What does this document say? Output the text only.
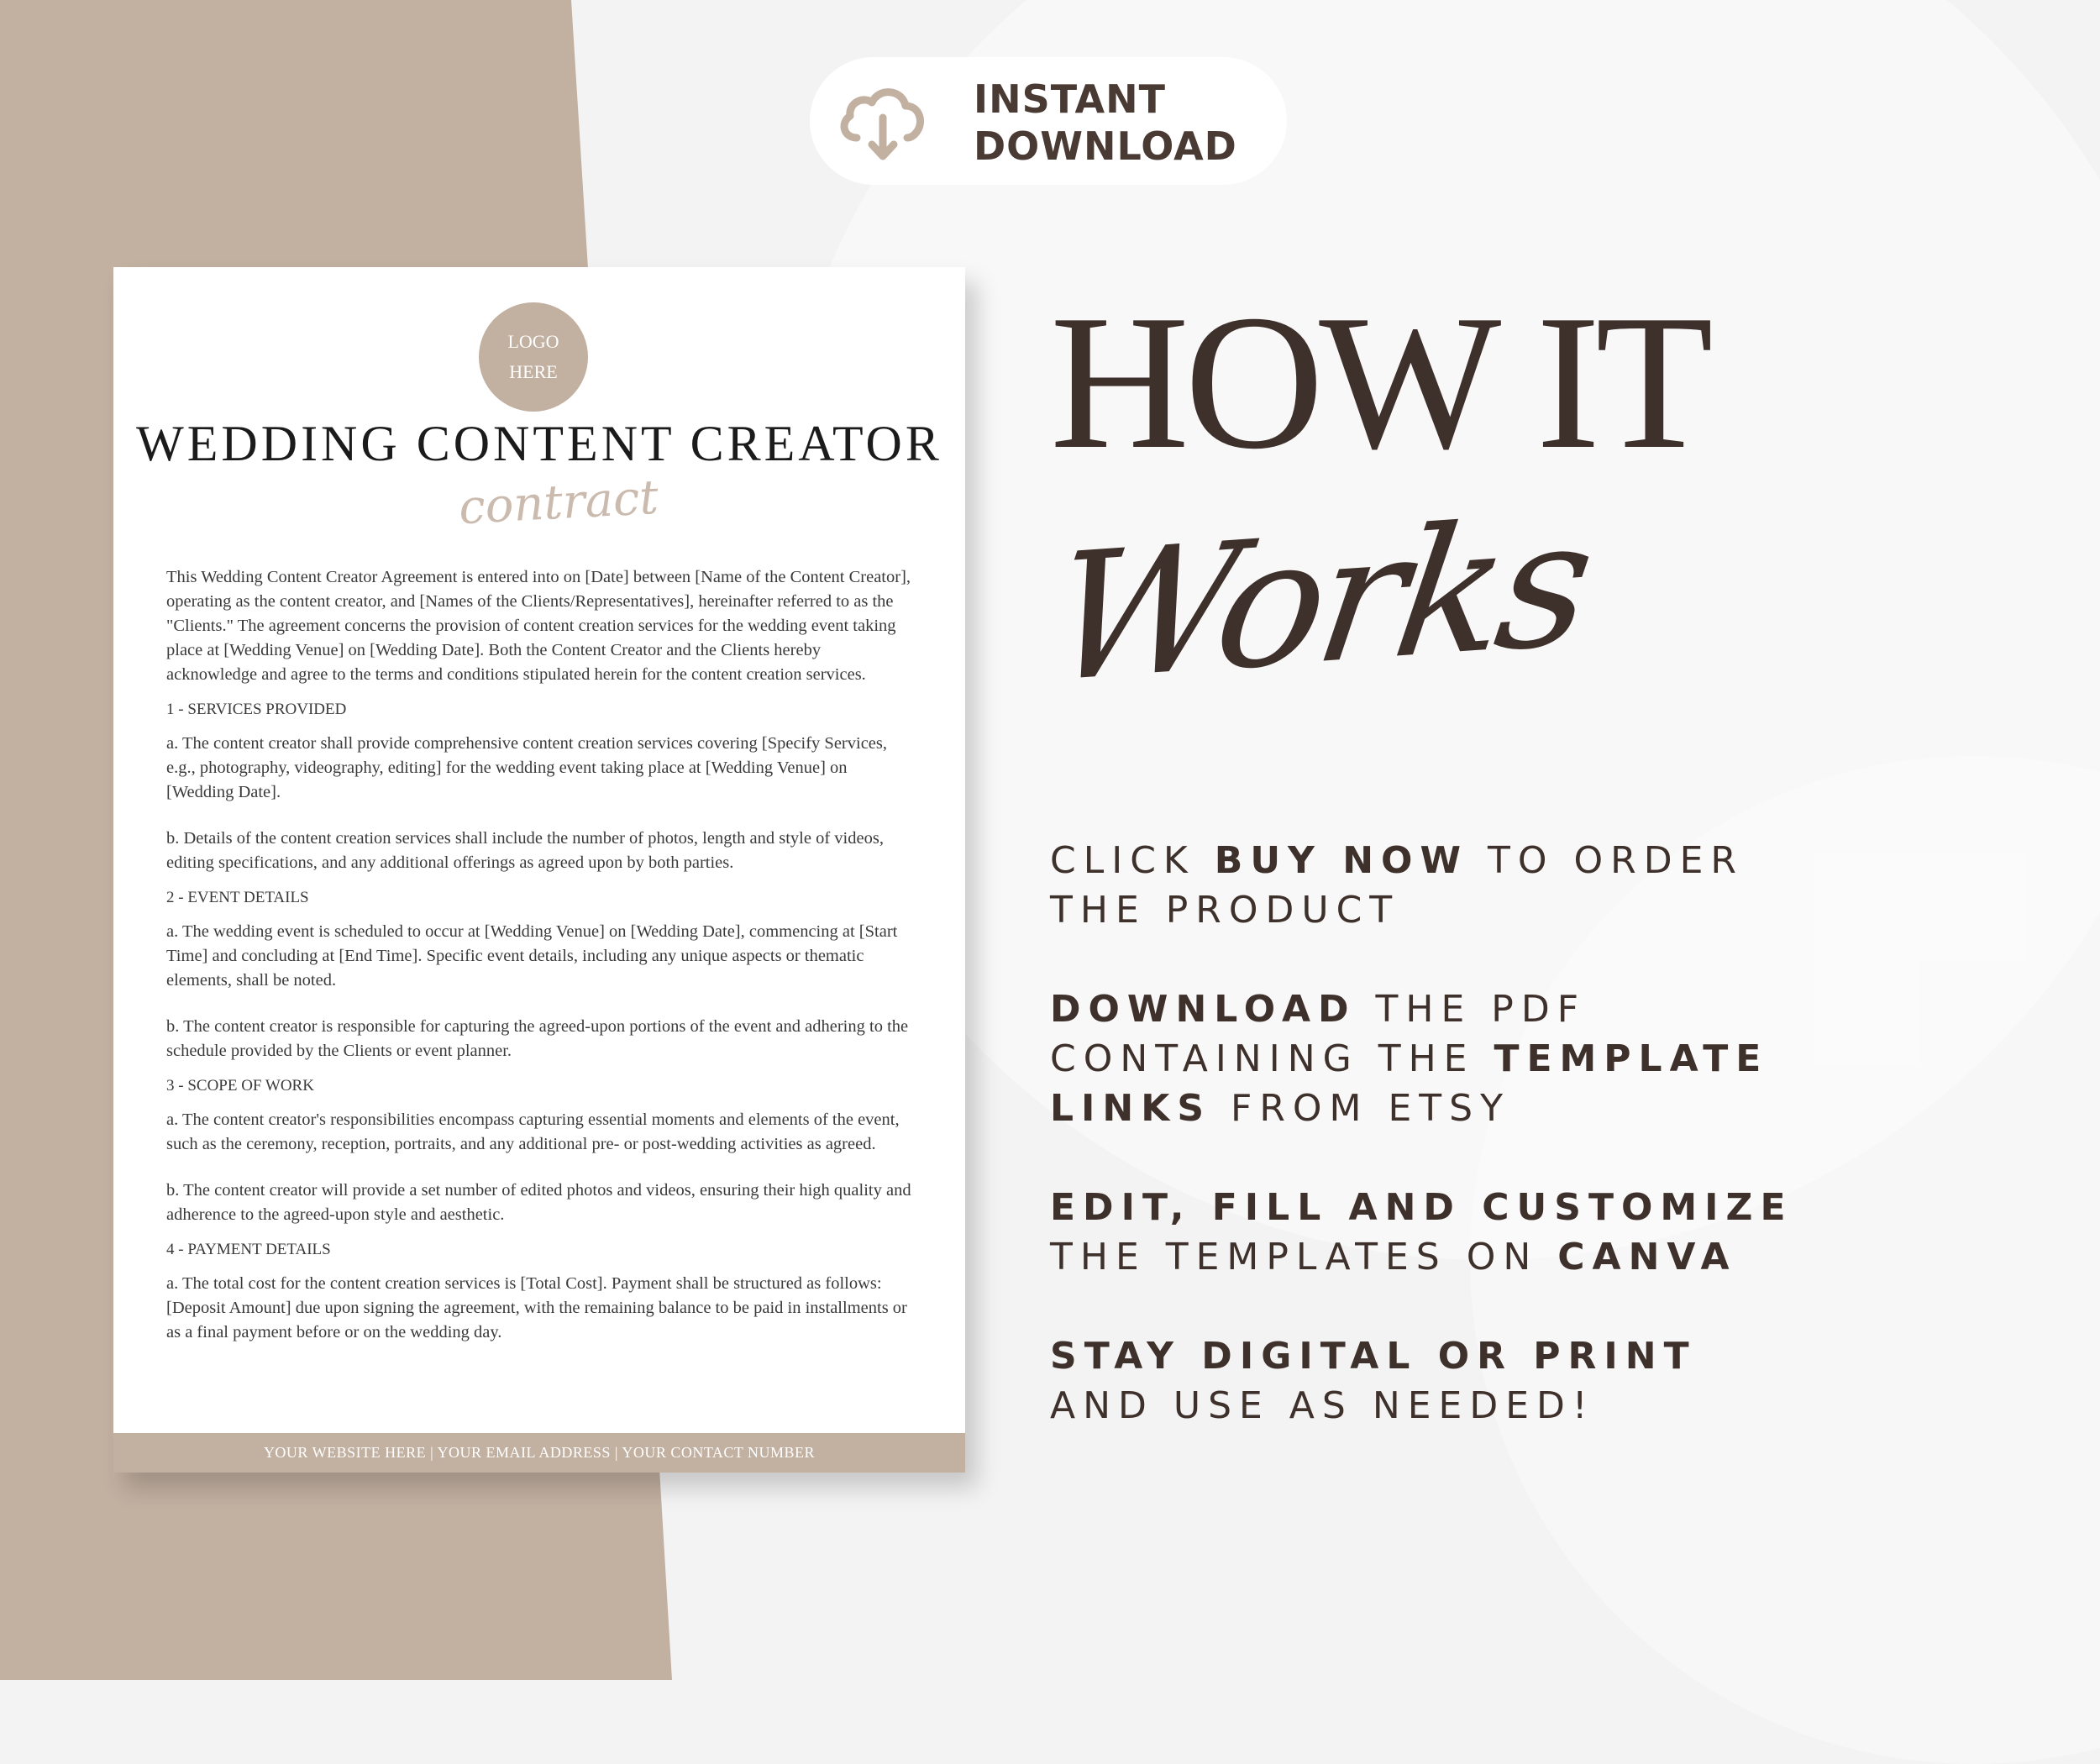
INSTANT
DOWNLOAD
LOGO
HERE
WEDDING CONTENT CREATOR
contract

This Wedding Content Creator Agreement is entered into on [Date] between [Name of the Content Creator], operating as the content creator, and [Names of the Clients/Representatives], hereinafter referred to as the "Clients." The agreement concerns the provision of content creation services for the wedding event taking place at [Wedding Venue] on [Wedding Date]. Both the Content Creator and the Clients hereby acknowledge and agree to the terms and conditions stipulated herein for the content creation services.

1 - SERVICES PROVIDED

a. The content creator shall provide comprehensive content creation services covering [Specify Services, e.g., photography, videography, editing] for the wedding event taking place at [Wedding Venue] on [Wedding Date].

b. Details of the content creation services shall include the number of photos, length and style of videos, editing specifications, and any additional offerings as agreed upon by both parties.

2 - EVENT DETAILS

a. The wedding event is scheduled to occur at [Wedding Venue] on [Wedding Date], commencing at [Start Time] and concluding at [End Time]. Specific event details, including any unique aspects or thematic elements, shall be noted.

b. The content creator is responsible for capturing the agreed-upon portions of the event and adhering to the schedule provided by the Clients or event planner.

3 - SCOPE OF WORK

a. The content creator's responsibilities encompass capturing essential moments and elements of the event, such as the ceremony, reception, portraits, and any additional pre- or post-wedding activities as agreed.

b. The content creator will provide a set number of edited photos and videos, ensuring their high quality and adherence to the agreed-upon style and aesthetic.

4 - PAYMENT DETAILS

a. The total cost for the content creation services is [Total Cost]. Payment shall be structured as follows: [Deposit Amount] due upon signing the agreement, with the remaining balance to be paid in installments or as a final payment before or on the wedding day.

YOUR WEBSITE HERE | YOUR EMAIL ADDRESS | YOUR CONTACT NUMBER
HOW IT
Works
CLICK BUY NOW TO ORDER
THE PRODUCT
DOWNLOAD THE PDF
CONTAINING THE TEMPLATE
LINKS FROM ETSY
EDIT, FILL AND CUSTOMIZE
THE TEMPLATES ON CANVA
STAY DIGITAL OR PRINT
AND USE AS NEEDED!
